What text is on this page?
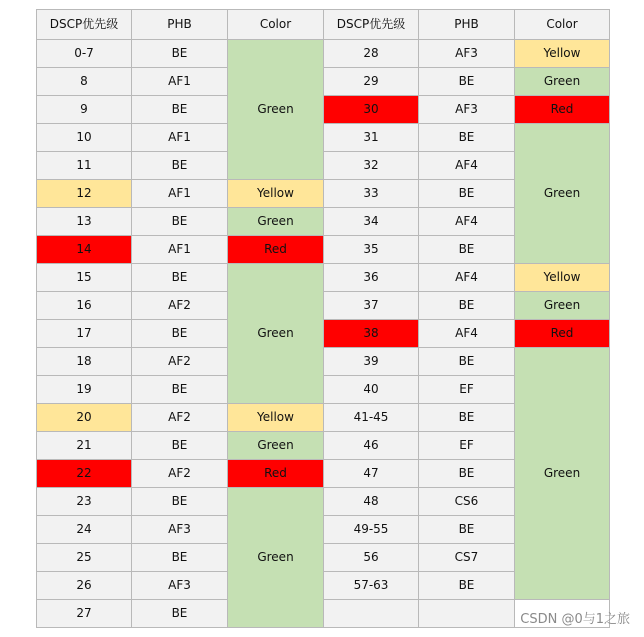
DSCP优先级	PHB	Color	DSCP优先级	PHB	Color
0-7	BE	Green	28	AF3	Yellow
8	AF1		29	BE	Green
9	BE		30	AF3	Red
10	AF1		31	BE	Green
11	BE		32	AF4	
12	AF1	Yellow	33	BE	
13	BE	Green	34	AF4	
14	AF1	Red	35	BE	
15	BE	Green	36	AF4	Yellow
16	AF2		37	BE	Green
17	BE		38	AF4	Red
18	AF2		39	BE	Green
19	BE		40	EF	
20	AF2	Yellow	41-45	BE	
21	BE	Green	46	EF	
22	AF2	Red	47	BE	
23	BE	Green	48	CS6	
24	AF3		49-55	BE	
25	BE		56	CS7	
26	AF3		57-63	BE	
27	BE					CSDN @0与1之旅
